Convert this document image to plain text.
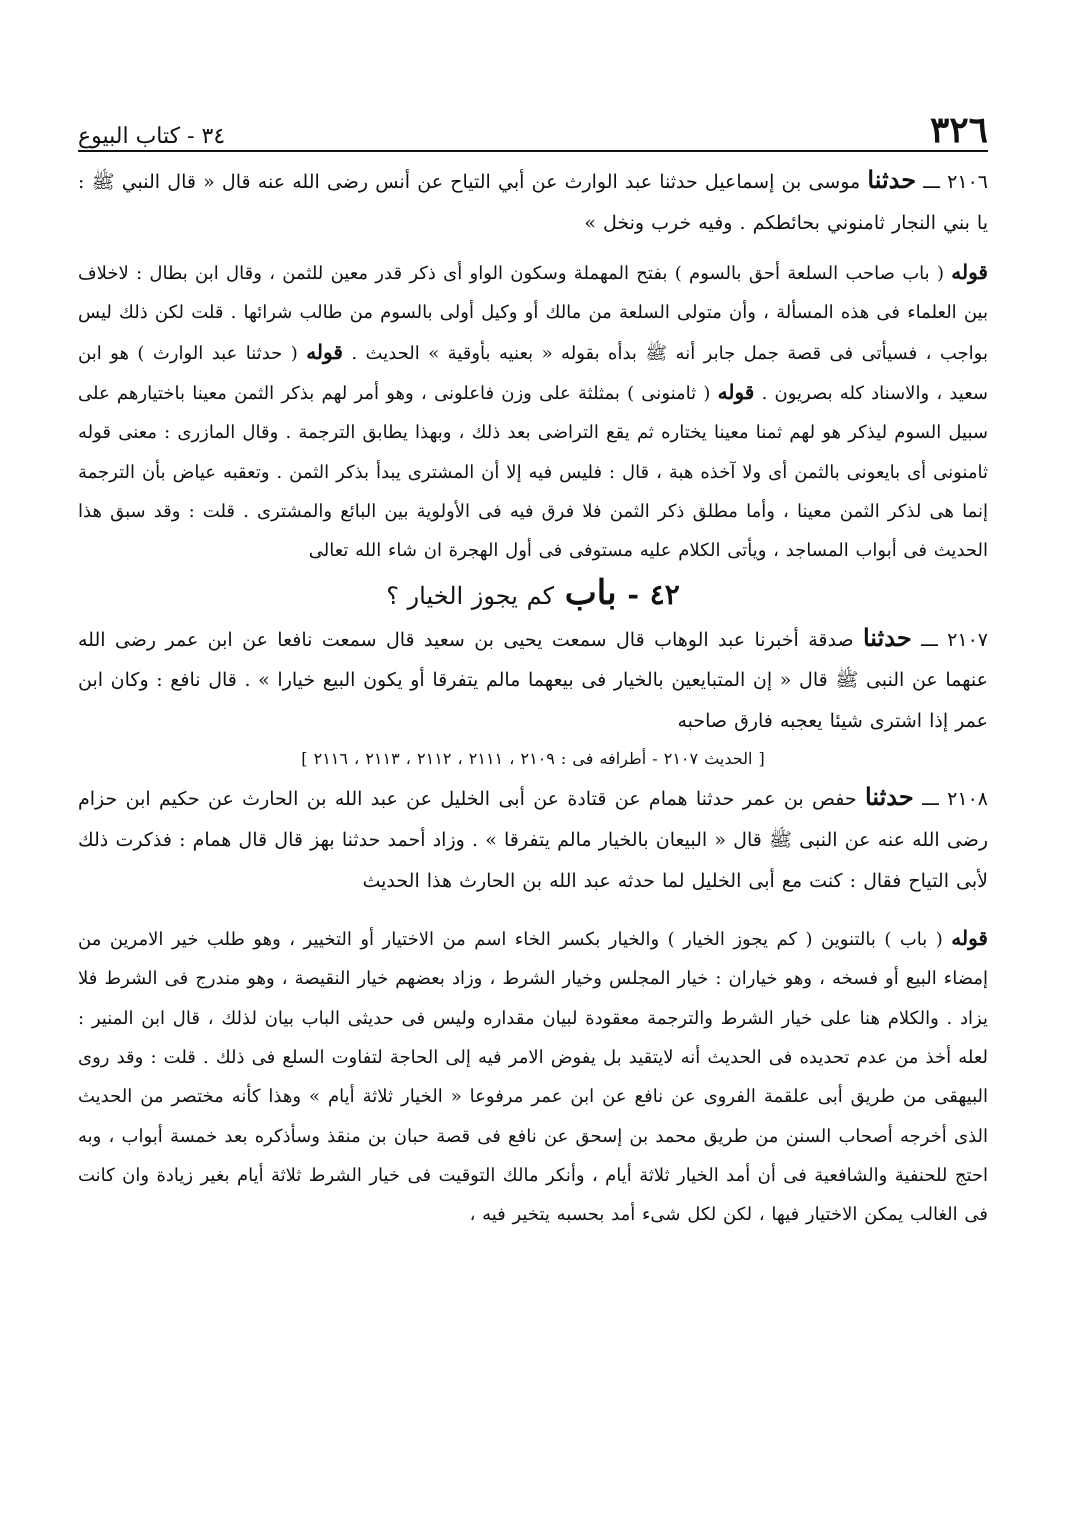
٣٢٦
٣٤ - كتاب البيوع

٢١٠٦ ـــ حدثنا موسى بن إسماعيل حدثنا عبد الوارث عن أبي التياح عن أنس رضى الله عنه قال « قال النبي ﷺ : يا بني النجار ثامنوني بحائطكم . وفيه خرب ونخل »

قوله ( باب صاحب السلعة أحق بالسوم ) بفتح المهملة وسكون الواو أى ذكر قدر معين للثمن ، وقال ابن بطال : لاخلاف بين العلماء فى هذه المسألة ، وأن متولى السلعة من مالك أو وكيل أولى بالسوم من طالب شرائها . قلت لكن ذلك ليس بواجب ، فسيأتى فى قصة جمل جابر أنه ﷺ بدأه بقوله « بعنيه بأوقية » الحديث . قوله ( حدثنا عبد الوارث ) هو ابن سعيد ، والاسناد كله بصريون . قوله ( ثامنونى ) بمثلثة على وزن فاعلونى ، وهو أمر لهم بذكر الثمن معينا باختيارهم على سبيل السوم ليذكر هو لهم ثمنا معينا يختاره ثم يقع التراضى بعد ذلك ، وبهذا يطابق الترجمة . وقال المازرى : معنى قوله ثامنونى أى بايعونى بالثمن أى ولا آخذه هبة ، قال : فليس فيه إلا أن المشترى يبدأ بذكر الثمن . وتعقبه عياض بأن الترجمة إنما هى لذكر الثمن معينا ، وأما مطلق ذكر الثمن فلا فرق فيه فى الأولوية بين البائع والمشترى . قلت : وقد سبق هذا الحديث فى أبواب المساجد ، ويأتى الكلام عليه مستوفى فى أول الهجرة ان شاء الله تعالى

٤٢ - باب كم يجوز الخيار ؟

٢١٠٧ ـــ حدثنا صدقة أخبرنا عبد الوهاب قال سمعت يحيى بن سعيد قال سمعت نافعا عن ابن عمر رضى الله عنهما عن النبى ﷺ قال « إن المتبايعين بالخيار فى بيعهما مالم يتفرقا أو يكون البيع خيارا » . قال نافع : وكان ابن عمر إذا اشترى شيئا يعجبه فارق صاحبه

[ الحديث ٢١٠٧ - أطرافه فى : ٢١٠٩ ، ٢١١١ ، ٢١١٢ ، ٢١١٣ ، ٢١١٦ ]

٢١٠٨ ـــ حدثنا حفص بن عمر حدثنا همام عن قتادة عن أبى الخليل عن عبد الله بن الحارث عن حكيم ابن حزام رضى الله عنه عن النبى ﷺ قال « البيعان بالخيار مالم يتفرقا » . وزاد أحمد حدثنا بهز قال قال همام : فذكرت ذلك لأبى التياح فقال : كنت مع أبى الخليل لما حدثه عبد الله بن الحارث هذا الحديث

قوله ( باب ) بالتنوين ( كم يجوز الخيار ) والخيار بكسر الخاء اسم من الاختيار أو التخيير ، وهو طلب خير الامرين من إمضاء البيع أو فسخه ، وهو خياران : خيار المجلس وخيار الشرط ، وزاد بعضهم خيار النقيصة ، وهو مندرج فى الشرط فلا يزاد . والكلام هنا على خيار الشرط والترجمة معقودة لبيان مقداره وليس فى حديثى الباب بيان لذلك ، قال ابن المنير : لعله أخذ من عدم تحديده فى الحديث أنه لايتقيد بل يفوض الامر فيه إلى الحاجة لتفاوت السلع فى ذلك . قلت : وقد روى البيهقى من طريق أبى علقمة الفروى عن نافع عن ابن عمر مرفوعا « الخيار ثلاثة أيام » وهذا كأنه مختصر من الحديث الذى أخرجه أصحاب السنن من طريق محمد بن إسحق عن نافع فى قصة حبان بن منقذ وسأذكره بعد خمسة أبواب ، وبه احتج للحنفية والشافعية فى أن أمد الخيار ثلاثة أيام ، وأنكر مالك التوقيت فى خيار الشرط ثلاثة أيام بغير زيادة وان كانت فى الغالب يمكن الاختيار فيها ، لكن لكل شىء أمد بحسبه يتخير فيه ،
